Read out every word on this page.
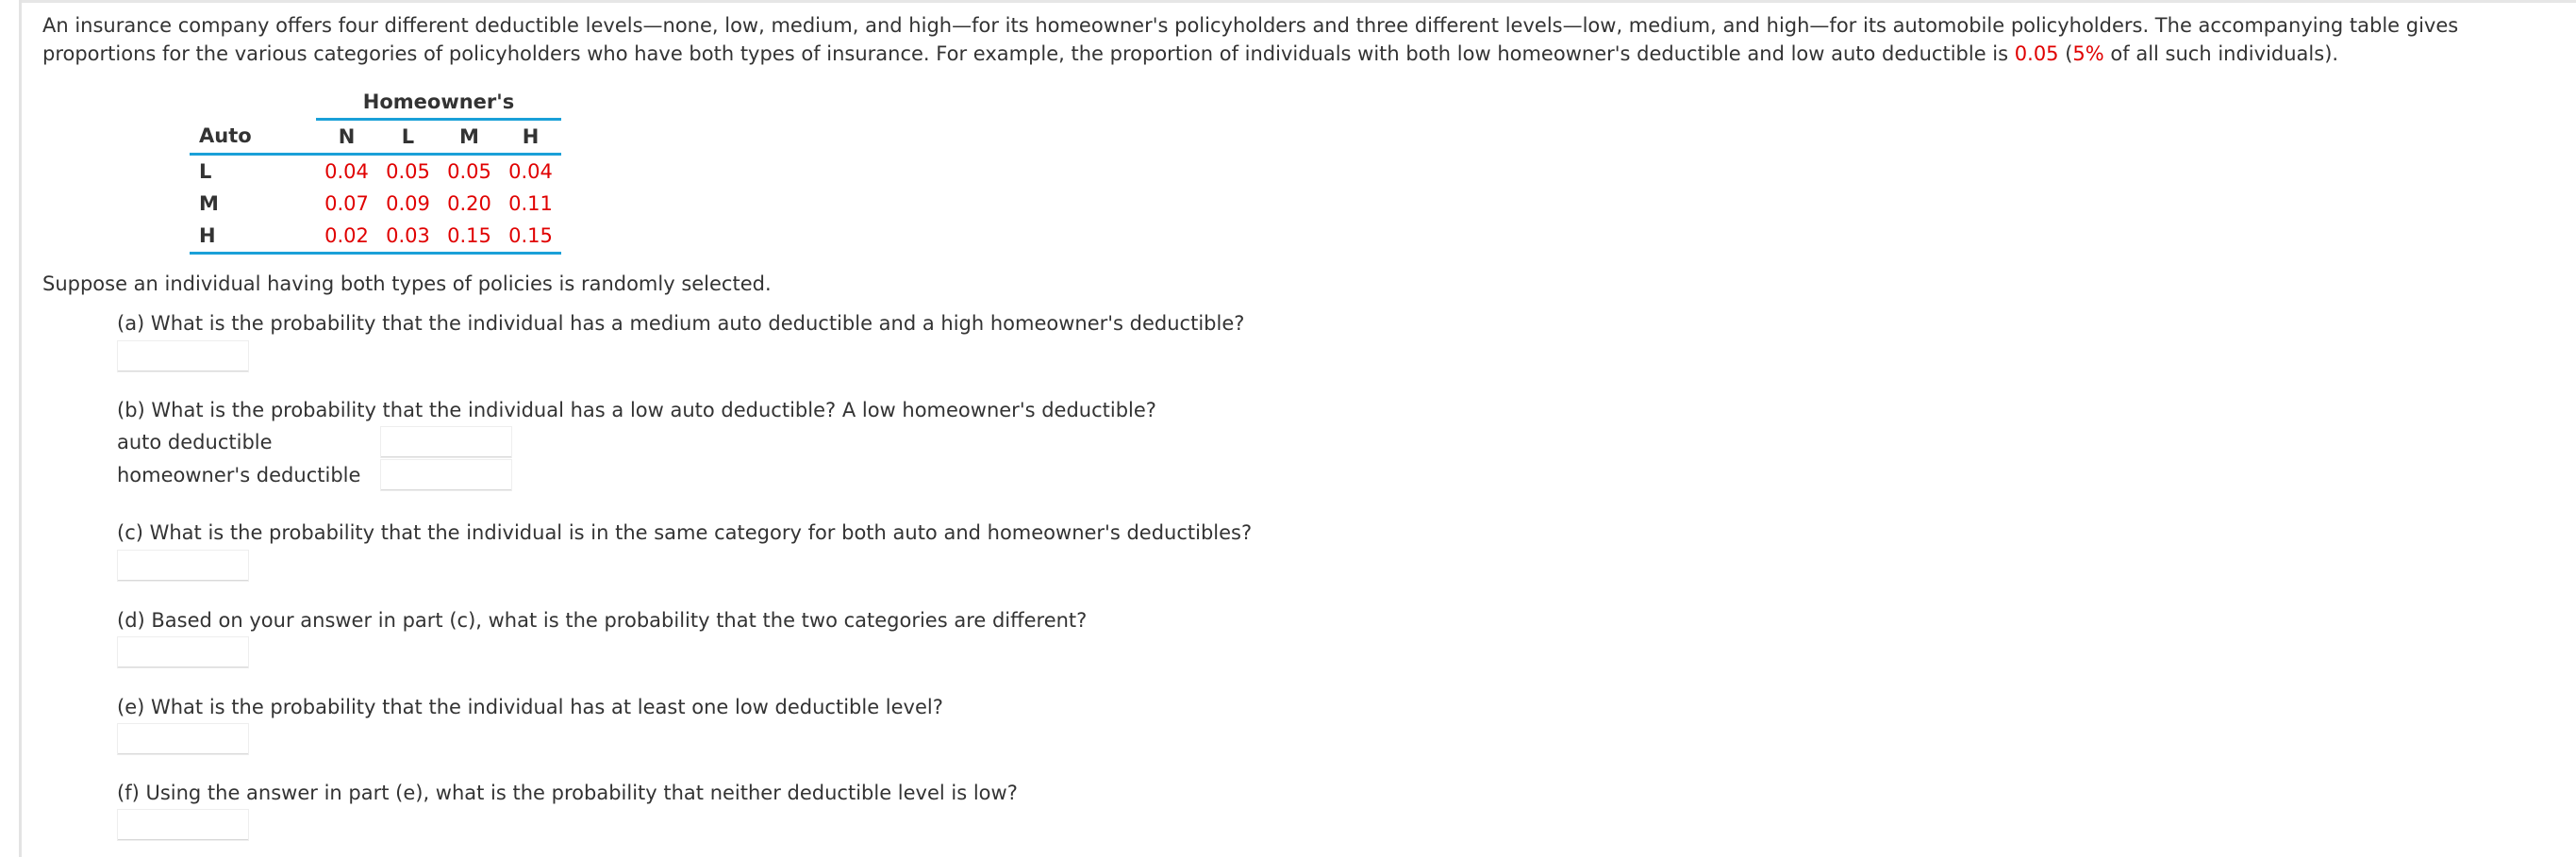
An insurance company offers four different deductible levels—none, low, medium, and high—for its homeowner's policyholders and three different levels—low, medium, and high—for its automobile policyholders. The accompanying table gives proportions for the various categories of policyholders who have both types of insurance. For example, the proportion of individuals with both low homeowner's deductible and low auto deductible is 0.05 (5% of all such individuals).

		Homeowner's			
Auto		N	L	M	H
L		0.04	0.05	0.05	0.04
M		0.07	0.09	0.20	0.11
H		0.02	0.03	0.15	0.15
Suppose an individual having both types of policies is randomly selected.
(a) What is the probability that the individual has a medium auto deductible and a high homeowner's deductible?
(b) What is the probability that the individual has a low auto deductible? A low homeowner's deductible?
auto deductible
homeowner's deductible
(c) What is the probability that the individual is in the same category for both auto and homeowner's deductibles?
(d) Based on your answer in part (c), what is the probability that the two categories are different?
(e) What is the probability that the individual has at least one low deductible level?
(f) Using the answer in part (e), what is the probability that neither deductible level is low?
